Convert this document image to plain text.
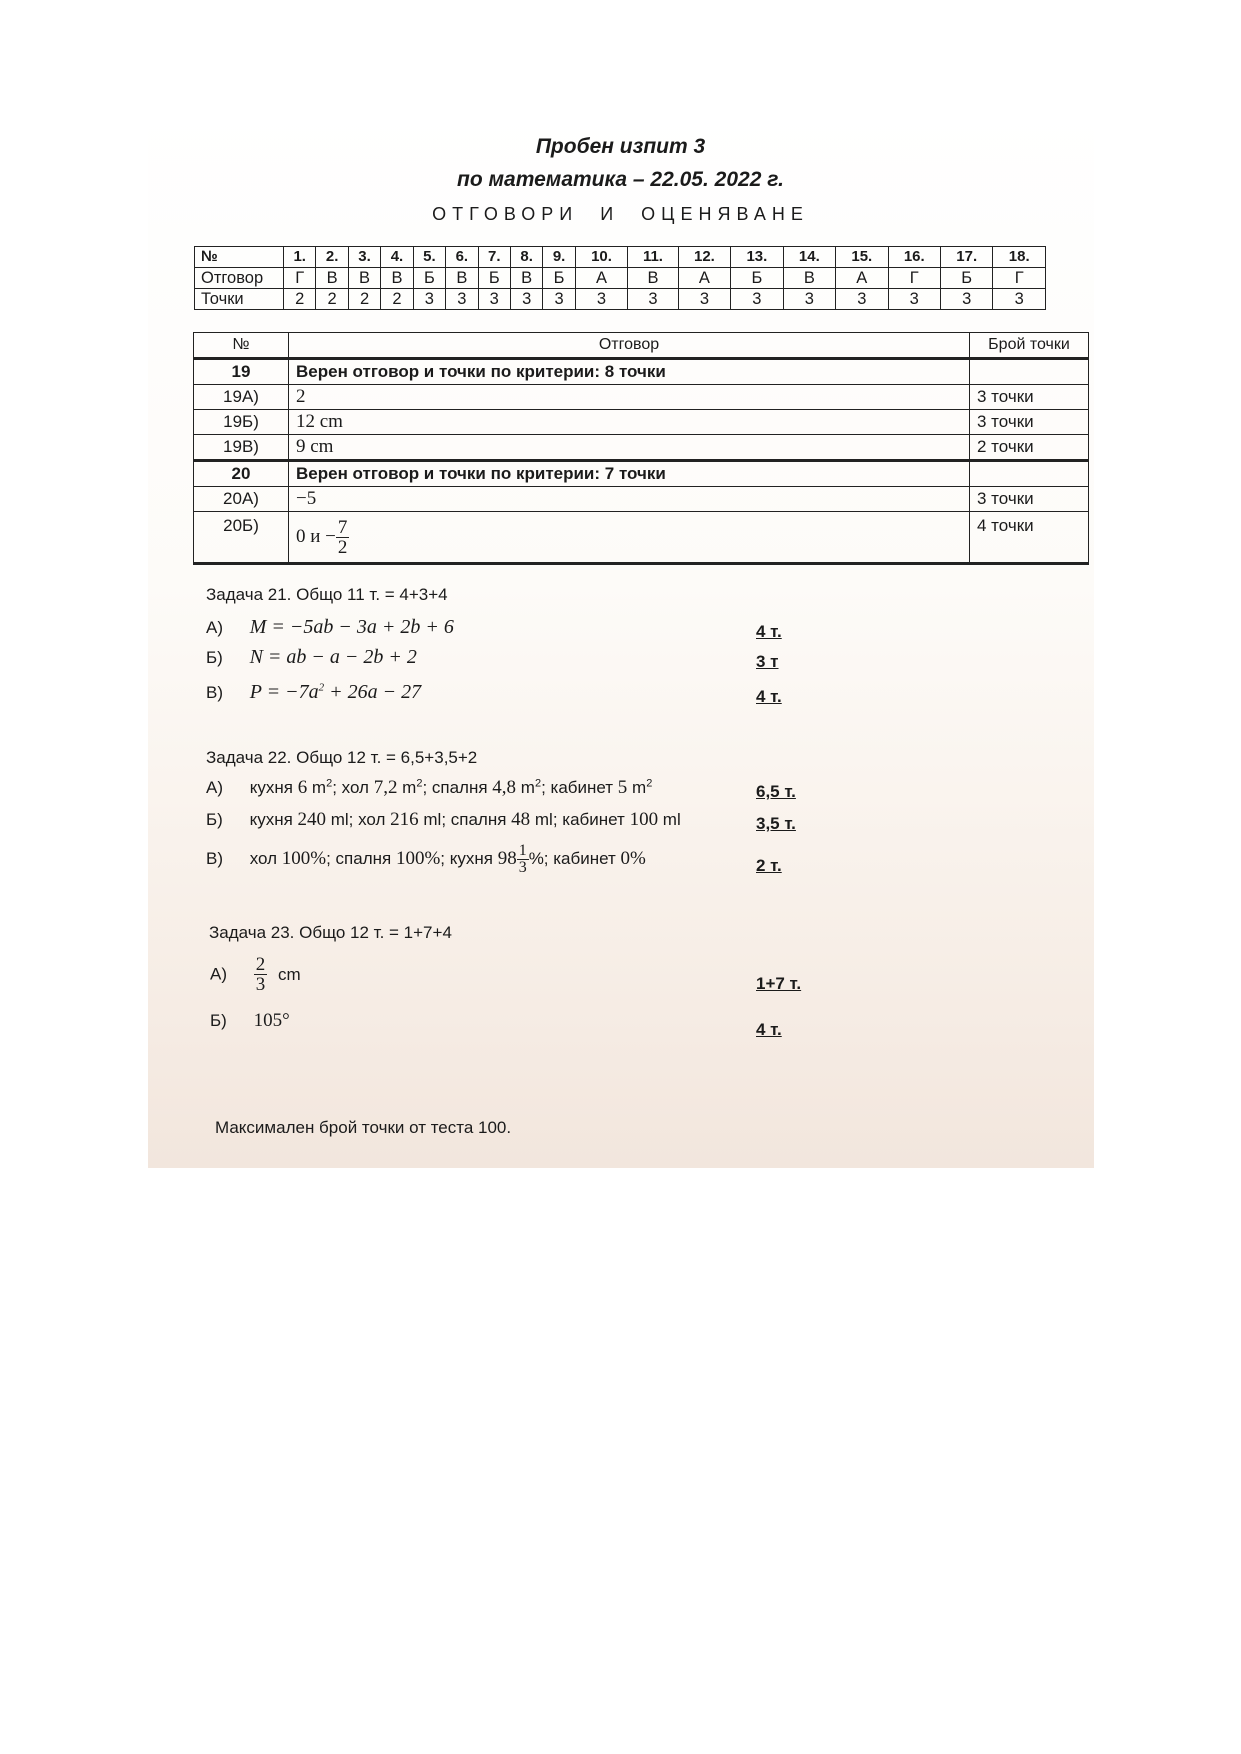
Пробен изпит 3
по математика – 22.05. 2022 г.
ОТГОВОРИ И ОЦЕНЯВАНЕ
№	1.	2.	3.	4.	5.	6.	7.	8.	9.	10.	11.	12.	13.	14.	15.	16.	17.	18.
Отговор	Г	В	В	В	Б	В	Б	В	Б	А	В	А	Б	В	А	Г	Б	Г
Точки	2	2	2	2	3	3	3	3	3	3	3	3	3	3	3	3	3	3
№	Отговор	Брой точки
19	Верен отговор и точки по критерии: 8 точки	
19А)	2	3 точки
19Б)	12 cm	3 точки
19В)	9 cm	2 точки
20	Верен отговор и точки по критерии: 7 точки	
20А)	−5	3 точки
20Б)	0 $и - \frac{7}{2}$	4 точки
Задача 21. Общо 11 т. = 4+3+4
А) M = −5ab − 3a + 2b + 6	4 т.
Б) N = ab − a − 2b + 2	3 т
В) $P = -7a^2 + 26a - 27$	4 т.
Задача 22. Общо 12 т. = 6,5+3,5+2
А) кухня 6 $m^2$; хол 7,2 $m^2$; спалня 4,8 $m^2$; кабинет 5 $m^2$	6,5 т.
Б) кухня 240 ml; хол 216 ml; спалня 48 ml; кабинет 100 ml	3,5 т.
В) хол 100%; спалня 100%; кухня $98 \frac{1}{3}$ %; кабинет 0%	2 т.
Задача 23. Общо 12 т. = 1+7+4
$А) \frac{2}{3}$ cm	1+7 т.
Б) 105°	4 т.
Максимален брой точки от теста 100.
